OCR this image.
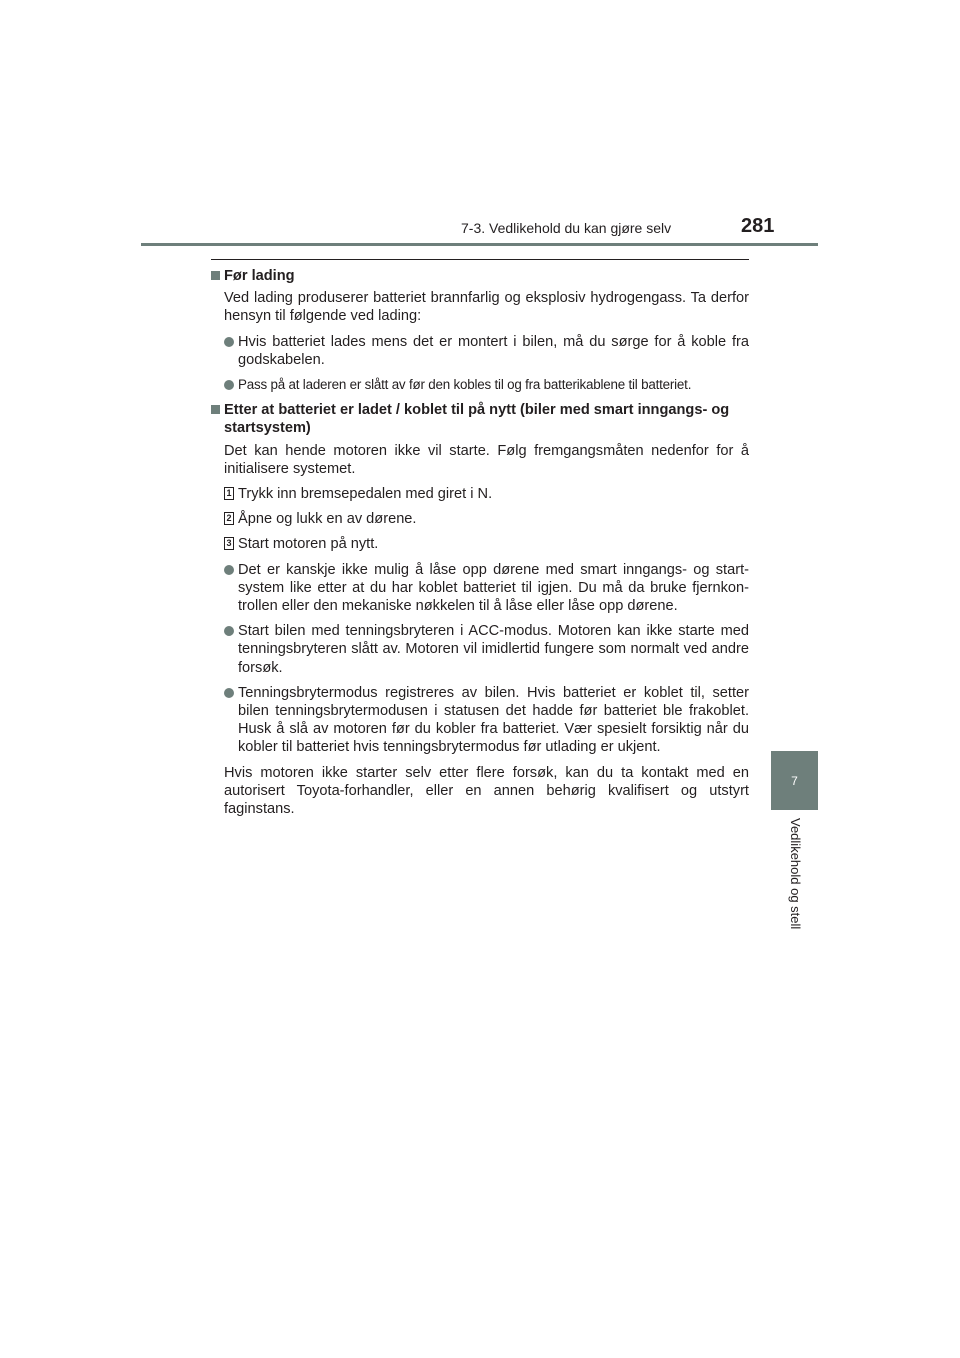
7-3. Vedlikehold du kan gjøre selv	281
7
Vedlikehold og stell
Før lading
Ved lading produserer batteriet brannfarlig og eksplosiv hydrogengass. Ta derfor hensyn til følgende ved lading:
Hvis batteriet lades mens det er montert i bilen, må du sørge for å koble fra godskabelen.
Pass på at laderen er slått av før den kobles til og fra batterikablene til batteriet.
Etter at batteriet er ladet / koblet til på nytt (biler med smart inngangs- og startsystem)
Det kan hende motoren ikke vil starte. Følg fremgangsmåten nedenfor for å initialisere systemet.
1 Trykk inn bremsepedalen med giret i N.
2 Åpne og lukk en av dørene.
3 Start motoren på nytt.
Det er kanskje ikke mulig å låse opp dørene med smart inngangs- og start-system like etter at du har koblet batteriet til igjen. Du må da bruke fjernkon-trollen eller den mekaniske nøkkelen til å låse eller låse opp dørene.
Start bilen med tenningsbryteren i ACC-modus. Motoren kan ikke starte med tenningsbryteren slått av. Motoren vil imidlertid fungere som normalt ved andre forsøk.
Tenningsbrytermodus registreres av bilen. Hvis batteriet er koblet til, setter bilen tenningsbrytermodusen i statusen det hadde før batteriet ble frakoblet. Husk å slå av motoren før du kobler fra batteriet. Vær spesielt forsiktig når du kobler til batteriet hvis tenningsbrytermodus før utlading er ukjent.
Hvis motoren ikke starter selv etter flere forsøk, kan du ta kontakt med en autorisert Toyota-forhandler, eller en annen behørig kvalifisert og utstyrt faginstans.
